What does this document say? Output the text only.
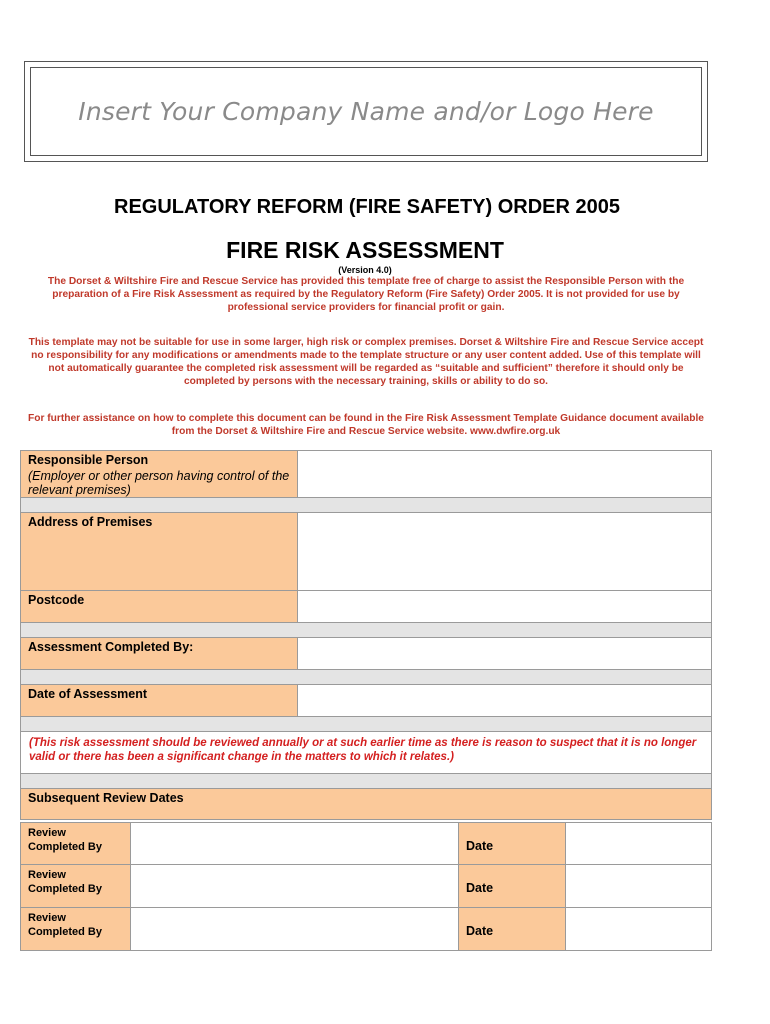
Insert Your Company Name and/or Logo Here
REGULATORY REFORM (FIRE SAFETY) ORDER 2005
FIRE RISK ASSESSMENT
(Version 4.0)
The Dorset & Wiltshire Fire and Rescue Service has provided this template free of charge to assist the Responsible Person with the preparation of a Fire Risk Assessment as required by the Regulatory Reform (Fire Safety) Order 2005. It is not provided for use by professional service providers for financial profit or gain.
This template may not be suitable for use in some larger, high risk or complex premises. Dorset & Wiltshire Fire and Rescue Service accept no responsibility for any modifications or amendments made to the template structure or any user content added. Use of this template will not automatically guarantee the completed risk assessment will be regarded as “suitable and sufficient” therefore it should only be completed by persons with the necessary training, skills or ability to do so.
For further assistance on how to complete this document can be found in the Fire Risk Assessment Template Guidance document available from the Dorset & Wiltshire Fire and Rescue Service website. www.dwfire.org.uk
Responsible Person
(Employer or other person having control of the relevant premises)	

Address of Premises	

Postcode	

Assessment Completed By:	

Date of Assessment	

(This risk assessment should be reviewed annually or at such earlier time as there is reason to suspect that it is no longer valid or there has been a significant change in the matters to which it relates.)	

Subsequent Review Dates	
Review Completed By		Date	

Review Completed By		Date	

Review Completed By		Date	
